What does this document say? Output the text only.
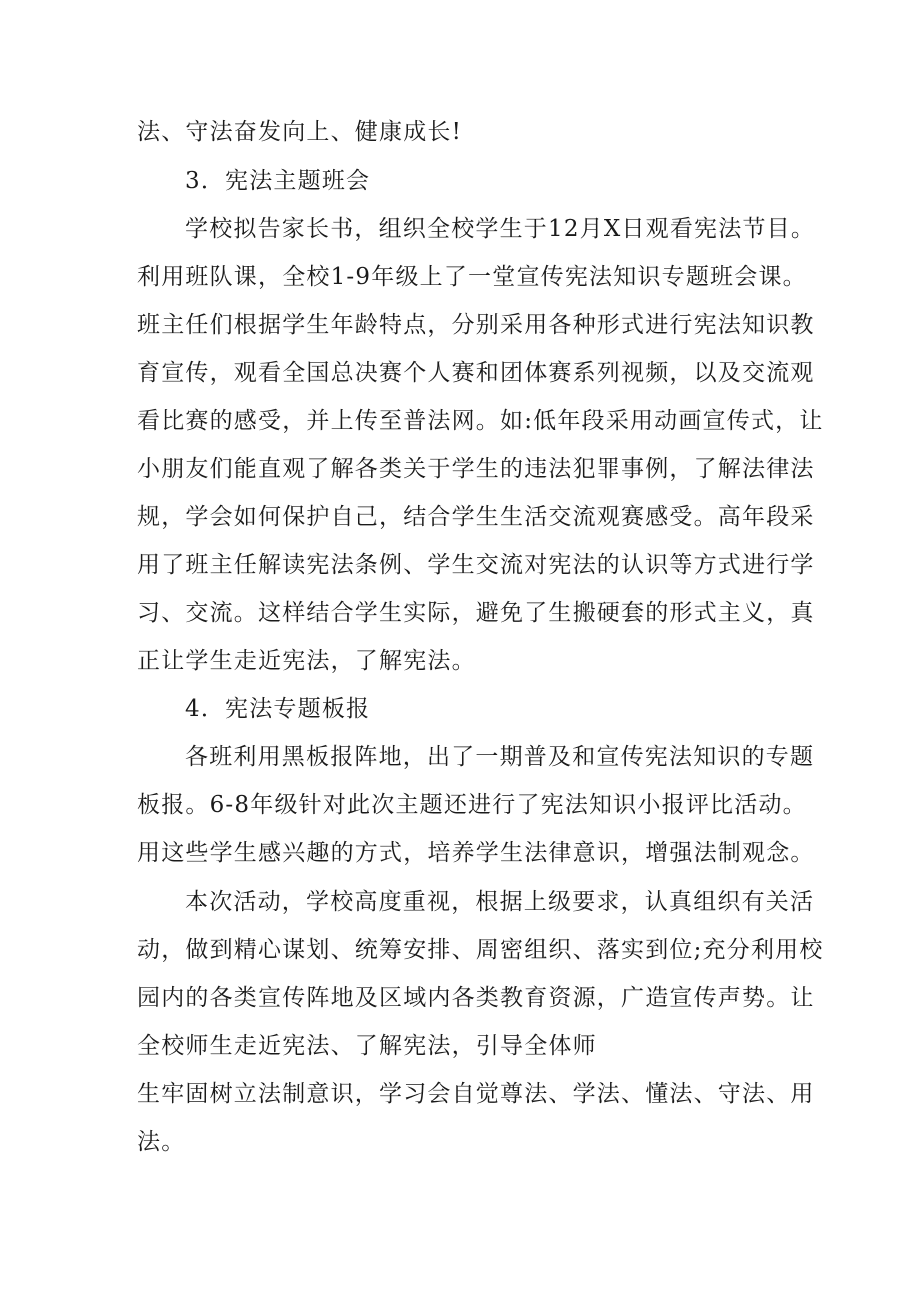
法、守法奋发向上、健康成长!
3．宪法主题班会
学校拟告家长书，组织全校学生于12月X日观看宪法节目。
利用班队课，全校1-9年级上了一堂宣传宪法知识专题班会课。
班主任们根据学生年龄特点，分别采用各种形式进行宪法知识教
育宣传，观看全国总决赛个人赛和团体赛系列视频，以及交流观
看比赛的感受，并上传至普法网。如:低年段采用动画宣传式，让
小朋友们能直观了解各类关于学生的违法犯罪事例，了解法律法
规，学会如何保护自己，结合学生生活交流观赛感受。高年段采
用了班主任解读宪法条例、学生交流对宪法的认识等方式进行学
习、交流。这样结合学生实际，避免了生搬硬套的形式主义，真
正让学生走近宪法，了解宪法。
4．宪法专题板报
各班利用黑板报阵地，出了一期普及和宣传宪法知识的专题
板报。6-8年级针对此次主题还进行了宪法知识小报评比活动。
用这些学生感兴趣的方式，培养学生法律意识，增强法制观念。
本次活动，学校高度重视，根据上级要求，认真组织有关活
动，做到精心谋划、统筹安排、周密组织、落实到位;充分利用校
园内的各类宣传阵地及区域内各类教育资源，广造宣传声势。让
全校师生走近宪法、了解宪法，引导全体师
生牢固树立法制意识，学习会自觉尊法、学法、懂法、守法、用
法。
